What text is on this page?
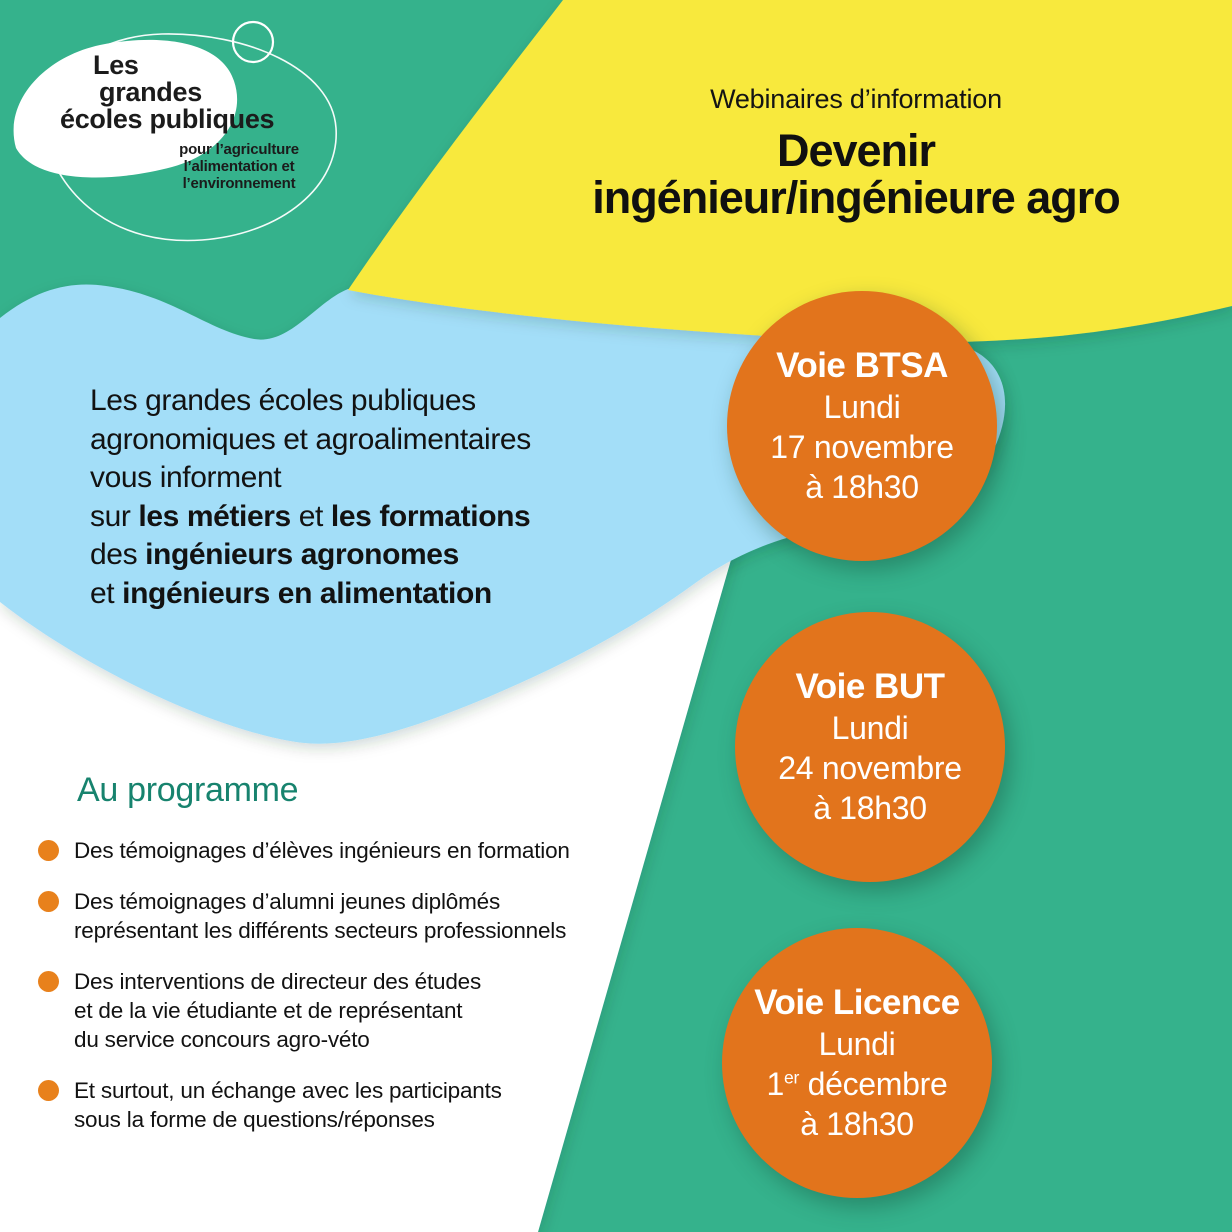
Les
grandes
écoles publiques
pour l’agriculture
l’alimentation et
l’environnement
Webinaires d’information
Devenir
ingénieur/ingénieure agro
Les grandes écoles publiques
agronomiques et agroalimentaires
vous informent
sur les métiers et les formations
des ingénieurs agronomes
et ingénieurs en alimentation
Au programme
Des témoignages d’élèves ingénieurs en formation
Des témoignages d’alumni jeunes diplômés
représentant les différents secteurs professionnels
Des interventions de directeur des études
et de la vie étudiante et de représentant
du service concours agro-véto
Et surtout, un échange avec les participants
sous la forme de questions/réponses
Voie BTSA
Lundi
17 novembre
à 18h30
Voie BUT
Lundi
24 novembre
à 18h30
Voie Licence
Lundi
1er décembre
à 18h30
